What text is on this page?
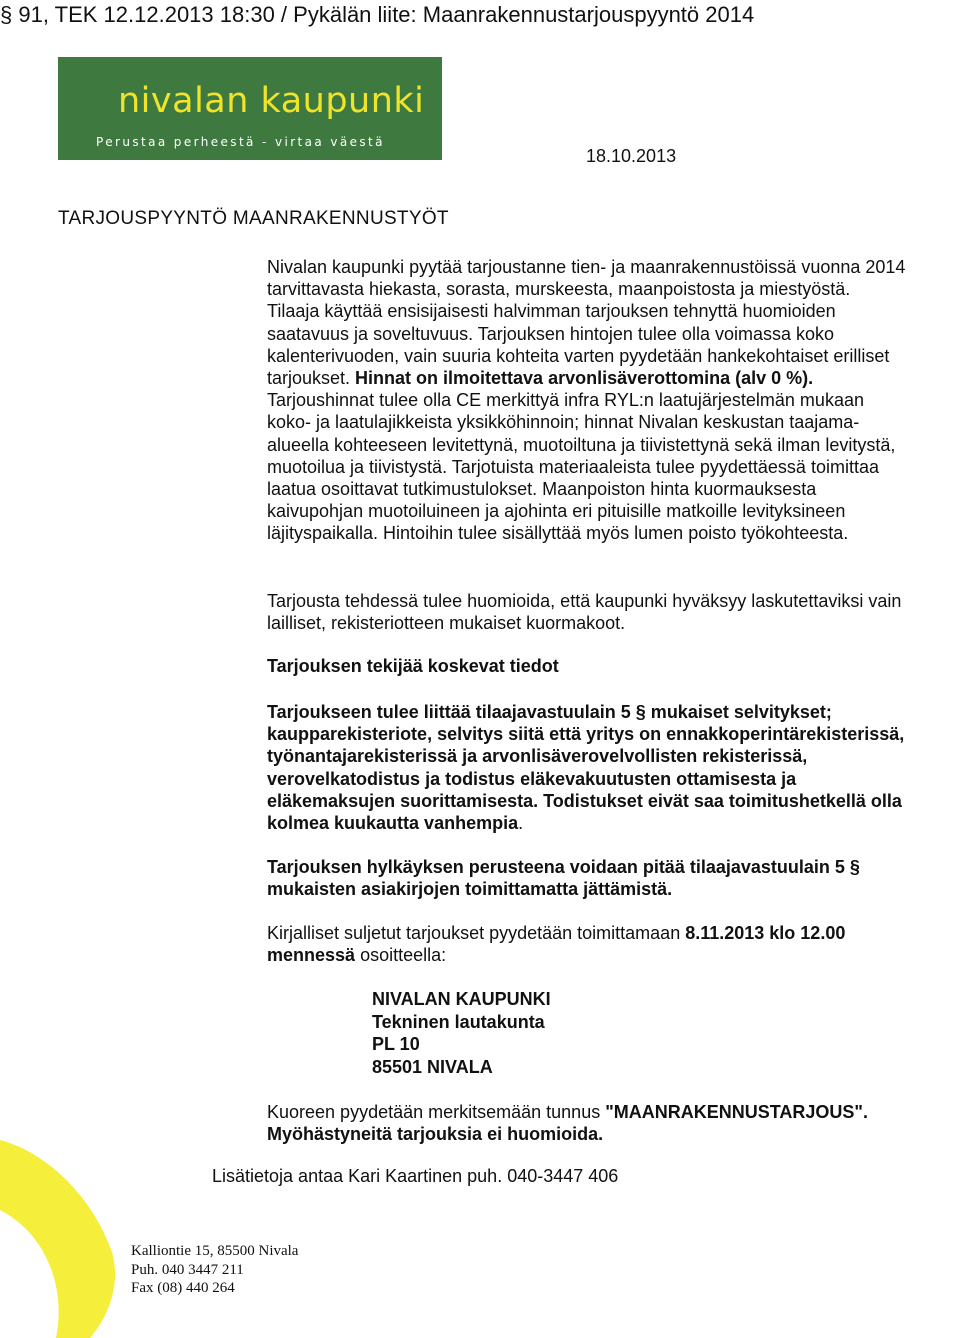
§ 91, TEK 12.12.2013 18:30 / Pykälän liite: Maanrakennustarjouspyyntö 2014
nivalan kaupunki
Perustaa perheestä - virtaa väestä
18.10.2013
TARJOUSPYYNTÖ MAANRAKENNUSTYÖT

Nivalan kaupunki pyytää tarjoustanne tien- ja maanrakennustöissä vuonna 2014 tarvittavasta hiekasta, sorasta, murskeesta, maanpoistosta ja miestyöstä. Tilaaja käyttää ensisijaisesti halvimman tarjouksen tehnyttä huomioiden saatavuus ja soveltuvuus. Tarjouksen hintojen tulee olla voimassa koko kalenterivuoden, vain suuria kohteita varten pyydetään hankekohtaiset erilliset tarjoukset. Hinnat on ilmoitettava arvonlisäverottomina (alv 0 %). Tarjoushinnat tulee olla CE merkittyä infra RYL:n laatujärjestelmän mukaan koko- ja laatulajikkeista yksikköhinnoin; hinnat Nivalan keskustan taajama-alueella kohteeseen levitettynä, muotoiltuna ja tiivistettynä sekä ilman levitystä, muotoilua ja tiivistystä. Tarjotuista materiaaleista tulee pyydettäessä toimittaa laatua osoittavat tutkimustulokset. Maanpoiston hinta kuormauksesta kaivupohjan muotoiluineen ja ajohinta eri pituisille matkoille levityksineen läjityspaikalla. Hintoihin tulee sisällyttää myös lumen poisto työkohteesta.

Tarjousta tehdessä tulee huomioida, että kaupunki hyväksyy laskutettaviksi vain lailliset, rekisteriotteen mukaiset kuormakoot.

Tarjouksen tekijää koskevat tiedot

Tarjoukseen tulee liittää tilaajavastuulain 5 § mukaiset selvitykset; kaupparekisteriote, selvitys siitä että yritys on ennakkoperintärekisterissä, työnantajarekisterissä ja arvonlisäverovelvollisten rekisterissä, verovelkatodistus ja todistus eläkevakuutusten ottamisesta ja eläkemaksujen suorittamisesta. Todistukset eivät saa toimitushetkellä olla kolmea kuukautta vanhempia.

Tarjouksen hylkäyksen perusteena voidaan pitää tilaajavastuulain 5 § mukaisten asiakirjojen toimittamatta jättämistä.

Kirjalliset suljetut tarjoukset pyydetään toimittamaan 8.11.2013 klo 12.00 mennessä osoitteella:

NIVALAN KAUPUNKI
Tekninen lautakunta
PL 10
85501 NIVALA

Kuoreen pyydetään merkitsemään tunnus "MAANRAKENNUSTARJOUS". Myöhästyneitä tarjouksia ei huomioida.

Lisätietoja antaa Kari Kaartinen puh. 040-3447 406
Kalliontie 15, 85500 Nivala
Puh. 040 3447 211
Fax (08) 440 264
